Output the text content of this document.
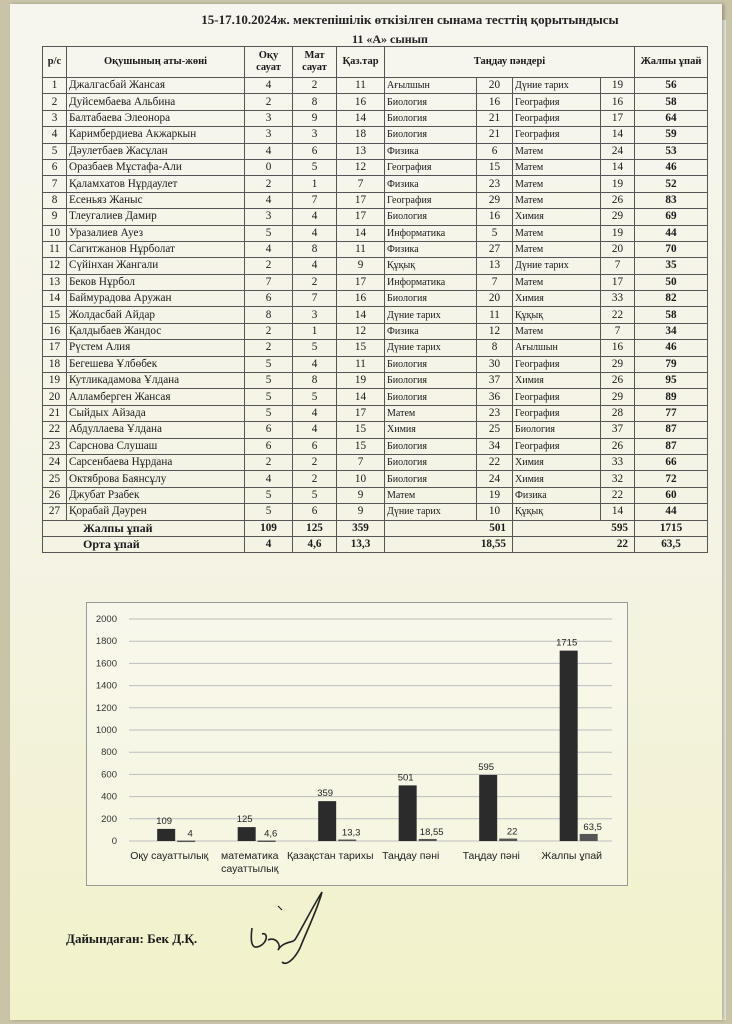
15-17.10.2024ж. мектепішілік өткізілген сынама тесттің қорытындысы
11 «А» сынып
р/с	Оқушының аты-жөні	Оқу сауат	Мат сауат	Қаз.тар	Таңдау пәндері				Жалпы ұпай
1	Джалгасбай Жансая	4	2	11	Ағылшын	20	Дүние тарих	19	56
2	Дуйсембаева Альбина	2	8	16	Биология	16	География	16	58
3	Балтабаева Элеонора	3	9	14	Биология	21	География	17	64
4	Каримбердиева Акжаркын	3	3	18	Биология	21	География	14	59
5	Дәулетбаев Жасұлан	4	6	13	Физика	6	Матем	24	53
6	Оразбаев Мұстафа-Али	0	5	12	География	15	Матем	14	46
7	Қаламхатов Нұрдаулет	2	1	7	Физика	23	Матем	19	52
8	Есеньяз Жаныс	4	7	17	География	29	Матем	26	83
9	Тлеугалиев Дамир	3	4	17	Биология	16	Химия	29	69
10	Уразалиев Ауез	5	4	14	Информатика	5	Матем	19	44
11	Сагитжанов Нұрболат	4	8	11	Физика	27	Матем	20	70
12	Сүйінхан Жангали	2	4	9	Құқық	13	Дүние тарих	7	35
13	Беков Нұрбол	7	2	17	Информатика	7	Матем	17	50
14	Баймурадова Аружан	6	7	16	Биология	20	Химия	33	82
15	Жолдасбай Айдар	8	3	14	Дүние тарих	11	Құқық	22	58
16	Қалдыбаев Жандос	2	1	12	Физика	12	Матем	7	34
17	Рүстем Алия	2	5	15	Дүние тарих	8	Ағылшын	16	46
18	Бегешева Ұлбөбек	5	4	11	Биология	30	География	29	79
19	Кутликадамова Ұлдана	5	8	19	Биология	37	Химия	26	95
20	Алламберген Жансая	5	5	14	Биология	36	География	29	89
21	Сыйдых Айзада	5	4	17	Матем	23	География	28	77
22	Абдуллаева Ұлдана	6	4	15	Химия	25	Биология	37	87
23	Сарснова Слушаш	6	6	15	Биология	34	География	26	87
24	Сарсенбаева Нұрдана	2	2	7	Биология	22	Химия	33	66
25	Октяброва Баянсұлу	4	2	10	Биология	24	Химия	32	72
26	Джубат Рзабек	5	5	9	Матем	19	Физика	22	60
27	Қорабай Дәурен	5	6	9	Дүние тарих	10	Құқық	14	44
Жалпы ұпай		109	125	359	501		595		1715
Орта ұпай		4	4,6	13,3	18,55		22		63,5
0
200
400
600
800
1000
1200
1400
1600
1800
2000
109
4
Оқу сауаттылық
125
4,6
математика
сауаттылық
359
13,3
Қазақстан тарихы
501
18,55
Таңдау пәні
595
22
Таңдау пәні
1715
63,5
Жалпы ұпай
Дайындаған: Бек Д.Қ.
